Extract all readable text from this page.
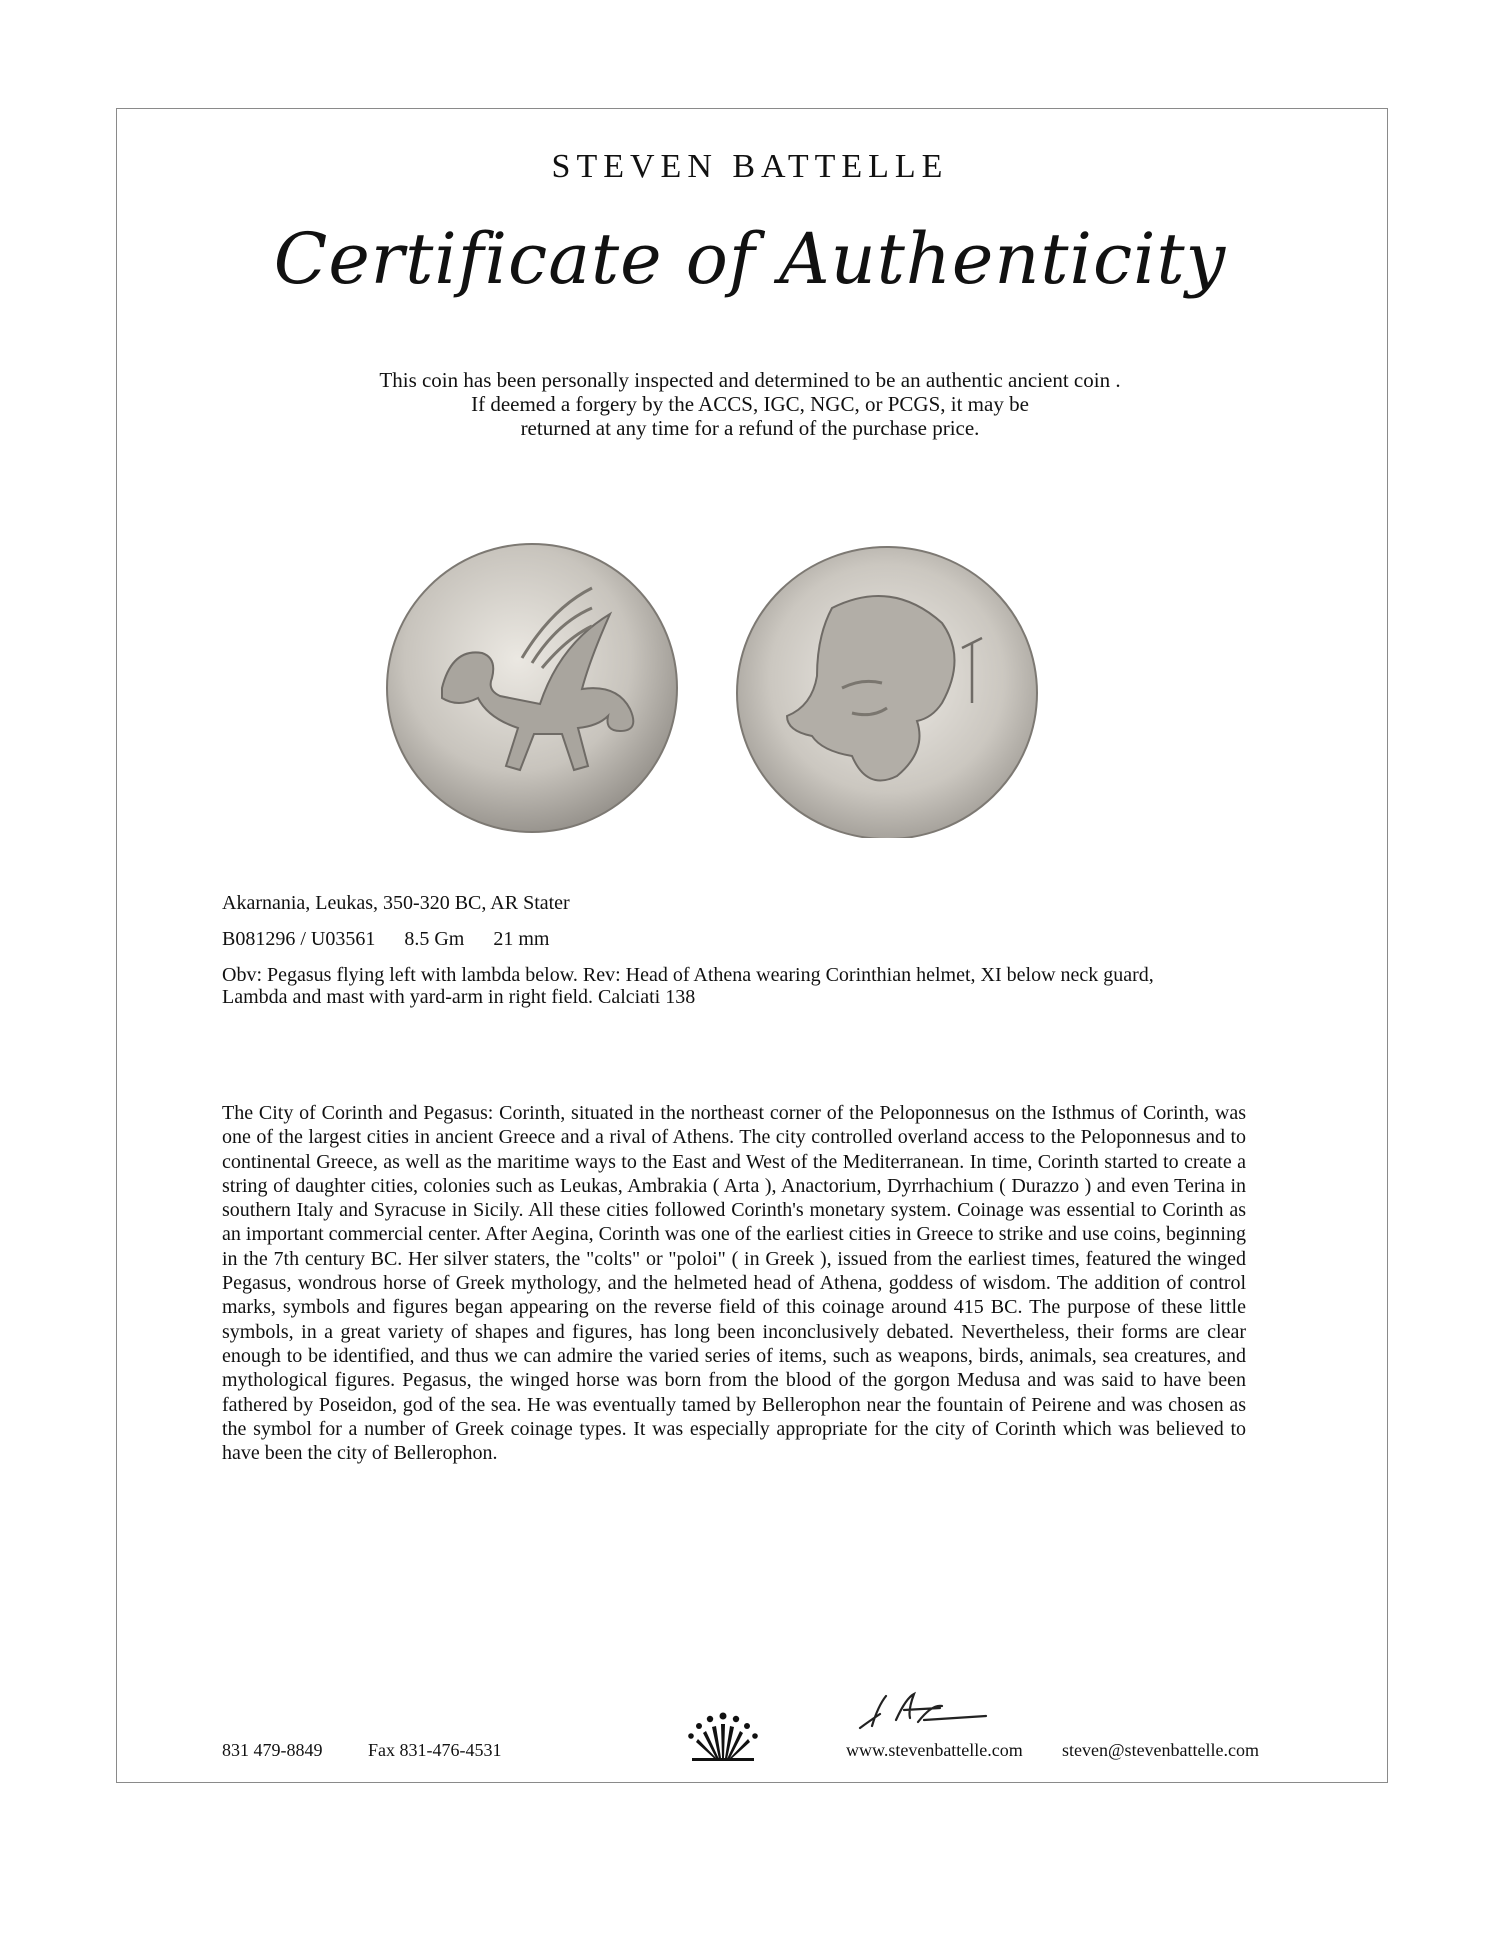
STEVEN BATTELLE
Certificate of Authenticity
This coin has been personally inspected and determined to be an authentic ancient coin .
If deemed a forgery by the ACCS, IGC, NGC, or PCGS, it may be
returned at any time for a refund of the purchase price.
Akarnania, Leukas, 350-320 BC, AR Stater
B081296 / U03561 8.5 Gm 21 mm
Obv: Pegasus flying left with lambda below. Rev: Head of Athena wearing Corinthian helmet, XI below neck guard, Lambda and mast with yard-arm in right field. Calciati 138
The City of Corinth and Pegasus: Corinth, situated in the northeast corner of the Peloponnesus on the Isthmus of Corinth, was one of the largest cities in ancient Greece and a rival of Athens. The city controlled overland access to the Peloponnesus and to continental Greece, as well as the maritime ways to the East and West of the Mediterranean. In time, Corinth started to create a string of daughter cities, colonies such as Leukas, Ambrakia ( Arta ), Anactorium, Dyrrhachium ( Durazzo ) and even Terina in southern Italy and Syracuse in Sicily. All these cities followed Corinth's monetary system. Coinage was essential to Corinth as an important commercial center. After Aegina, Corinth was one of the earliest cities in Greece to strike and use coins, beginning in the 7th century BC. Her silver staters, the "colts" or "poloi" ( in Greek ), issued from the earliest times, featured the winged Pegasus, wondrous horse of Greek mythology, and the helmeted head of Athena, goddess of wisdom. The addition of control marks, symbols and figures began appearing on the reverse field of this coinage around 415 BC. The purpose of these little symbols, in a great variety of shapes and figures, has long been inconclusively debated. Nevertheless, their forms are clear enough to be identified, and thus we can admire the varied series of items, such as weapons, birds, animals, sea creatures, and mythological figures. Pegasus, the winged horse was born from the blood of the gorgon Medusa and was said to have been fathered by Poseidon, god of the sea. He was eventually tamed by Bellerophon near the fountain of Peirene and was chosen as the symbol for a number of Greek coinage types. It was especially appropriate for the city of Corinth which was believed to have been the city of Bellerophon.
831 479-8849	Fax 831-476-4531	www.stevenbattelle.com steven@stevenbattelle.com
